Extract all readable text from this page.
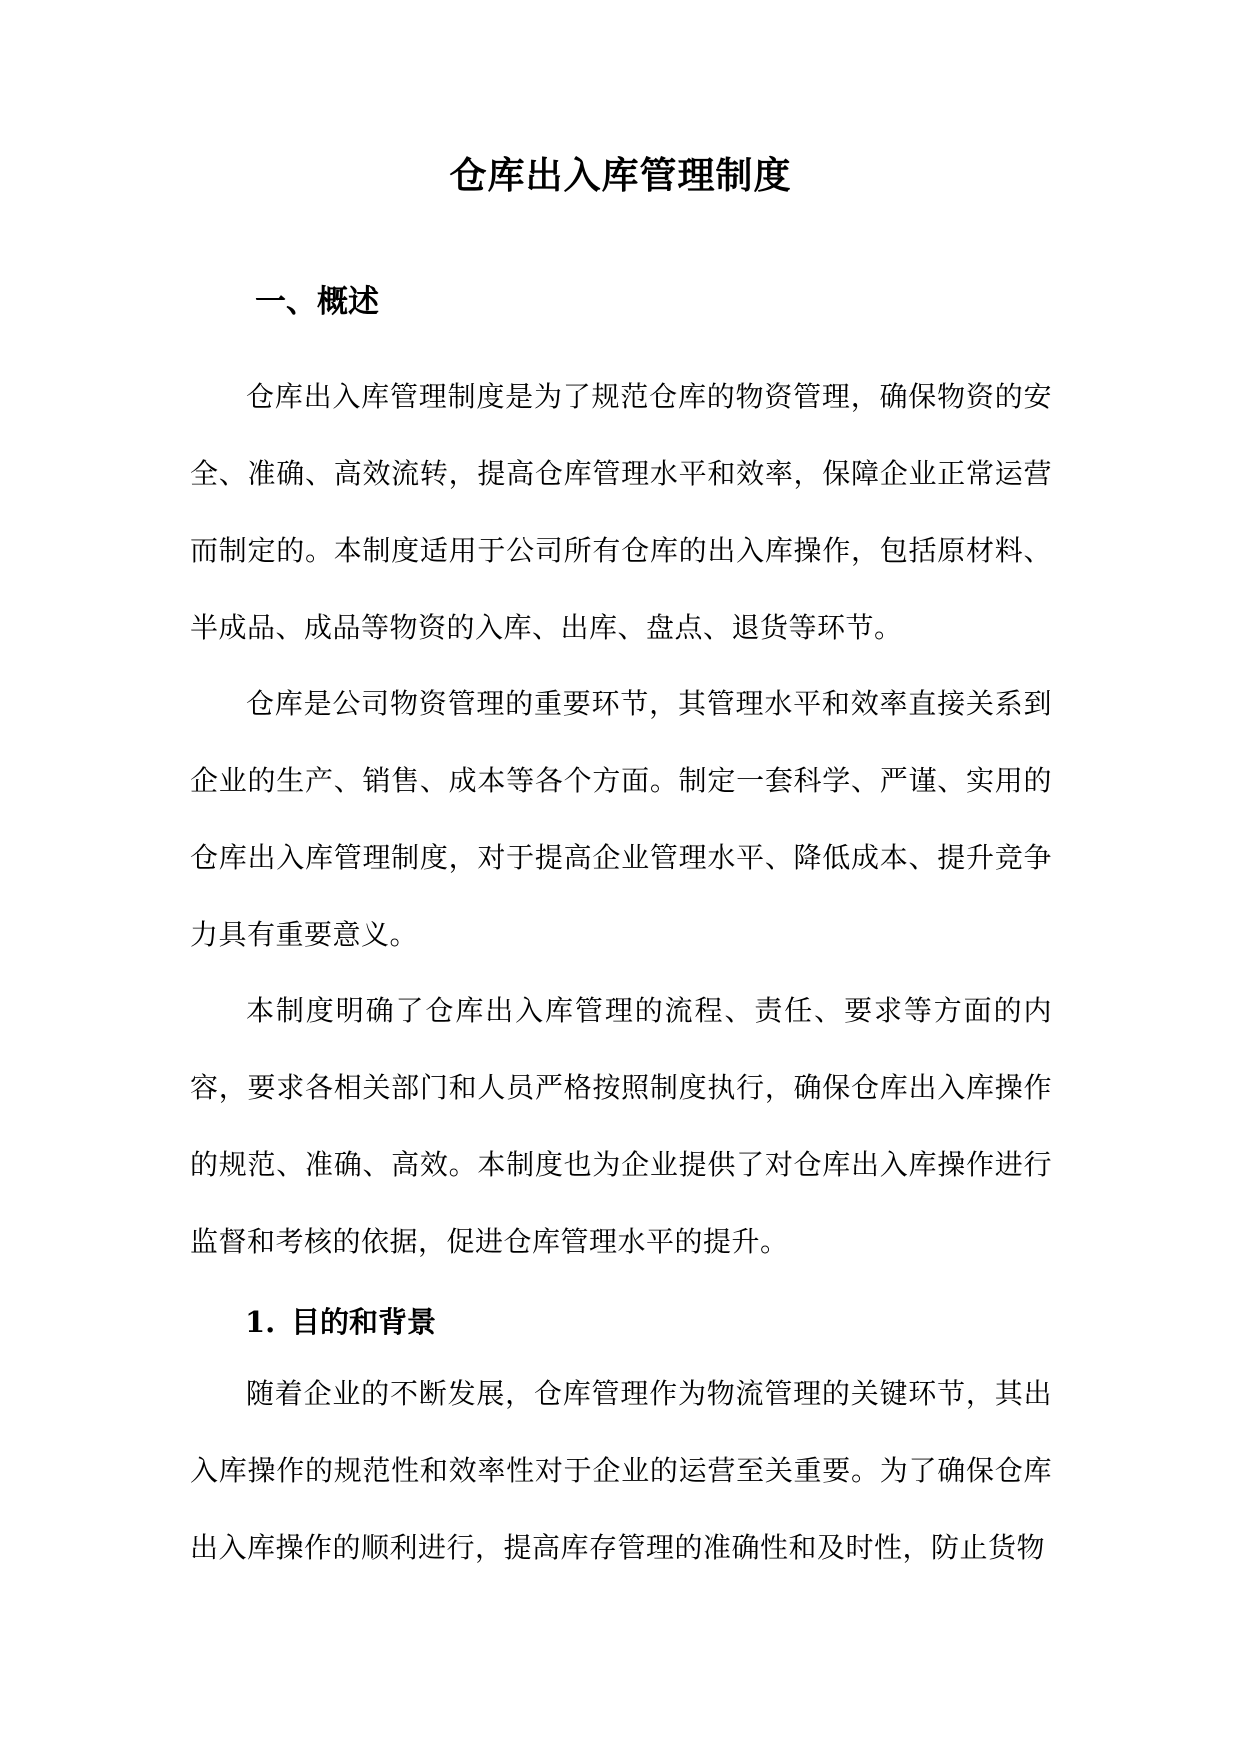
仓库出入库管理制度
一、概述

仓库出入库管理制度是为了规范仓库的物资管理，确保物资的安全、准确、高效流转，提高仓库管理水平和效率，保障企业正常运营而制定的。本制度适用于公司所有仓库的出入库操作，包括原材料、半成品、成品等物资的入库、出库、盘点、退货等环节。

仓库是公司物资管理的重要环节，其管理水平和效率直接关系到企业的生产、销售、成本等各个方面。制定一套科学、严谨、实用的仓库出入库管理制度，对于提高企业管理水平、降低成本、提升竞争力具有重要意义。

本制度明确了仓库出入库管理的流程、责任、要求等方面的内容，要求各相关部门和人员严格按照制度执行，确保仓库出入库操作的规范、准确、高效。本制度也为企业提供了对仓库出入库操作进行监督和考核的依据，促进仓库管理水平的提升。

1. 目的和背景

随着企业的不断发展，仓库管理作为物流管理的关键环节，其出入库操作的规范性和效率性对于企业的运营至关重要。为了确保仓库出入库操作的顺利进行，提高库存管理的准确性和及时性，防止货物
